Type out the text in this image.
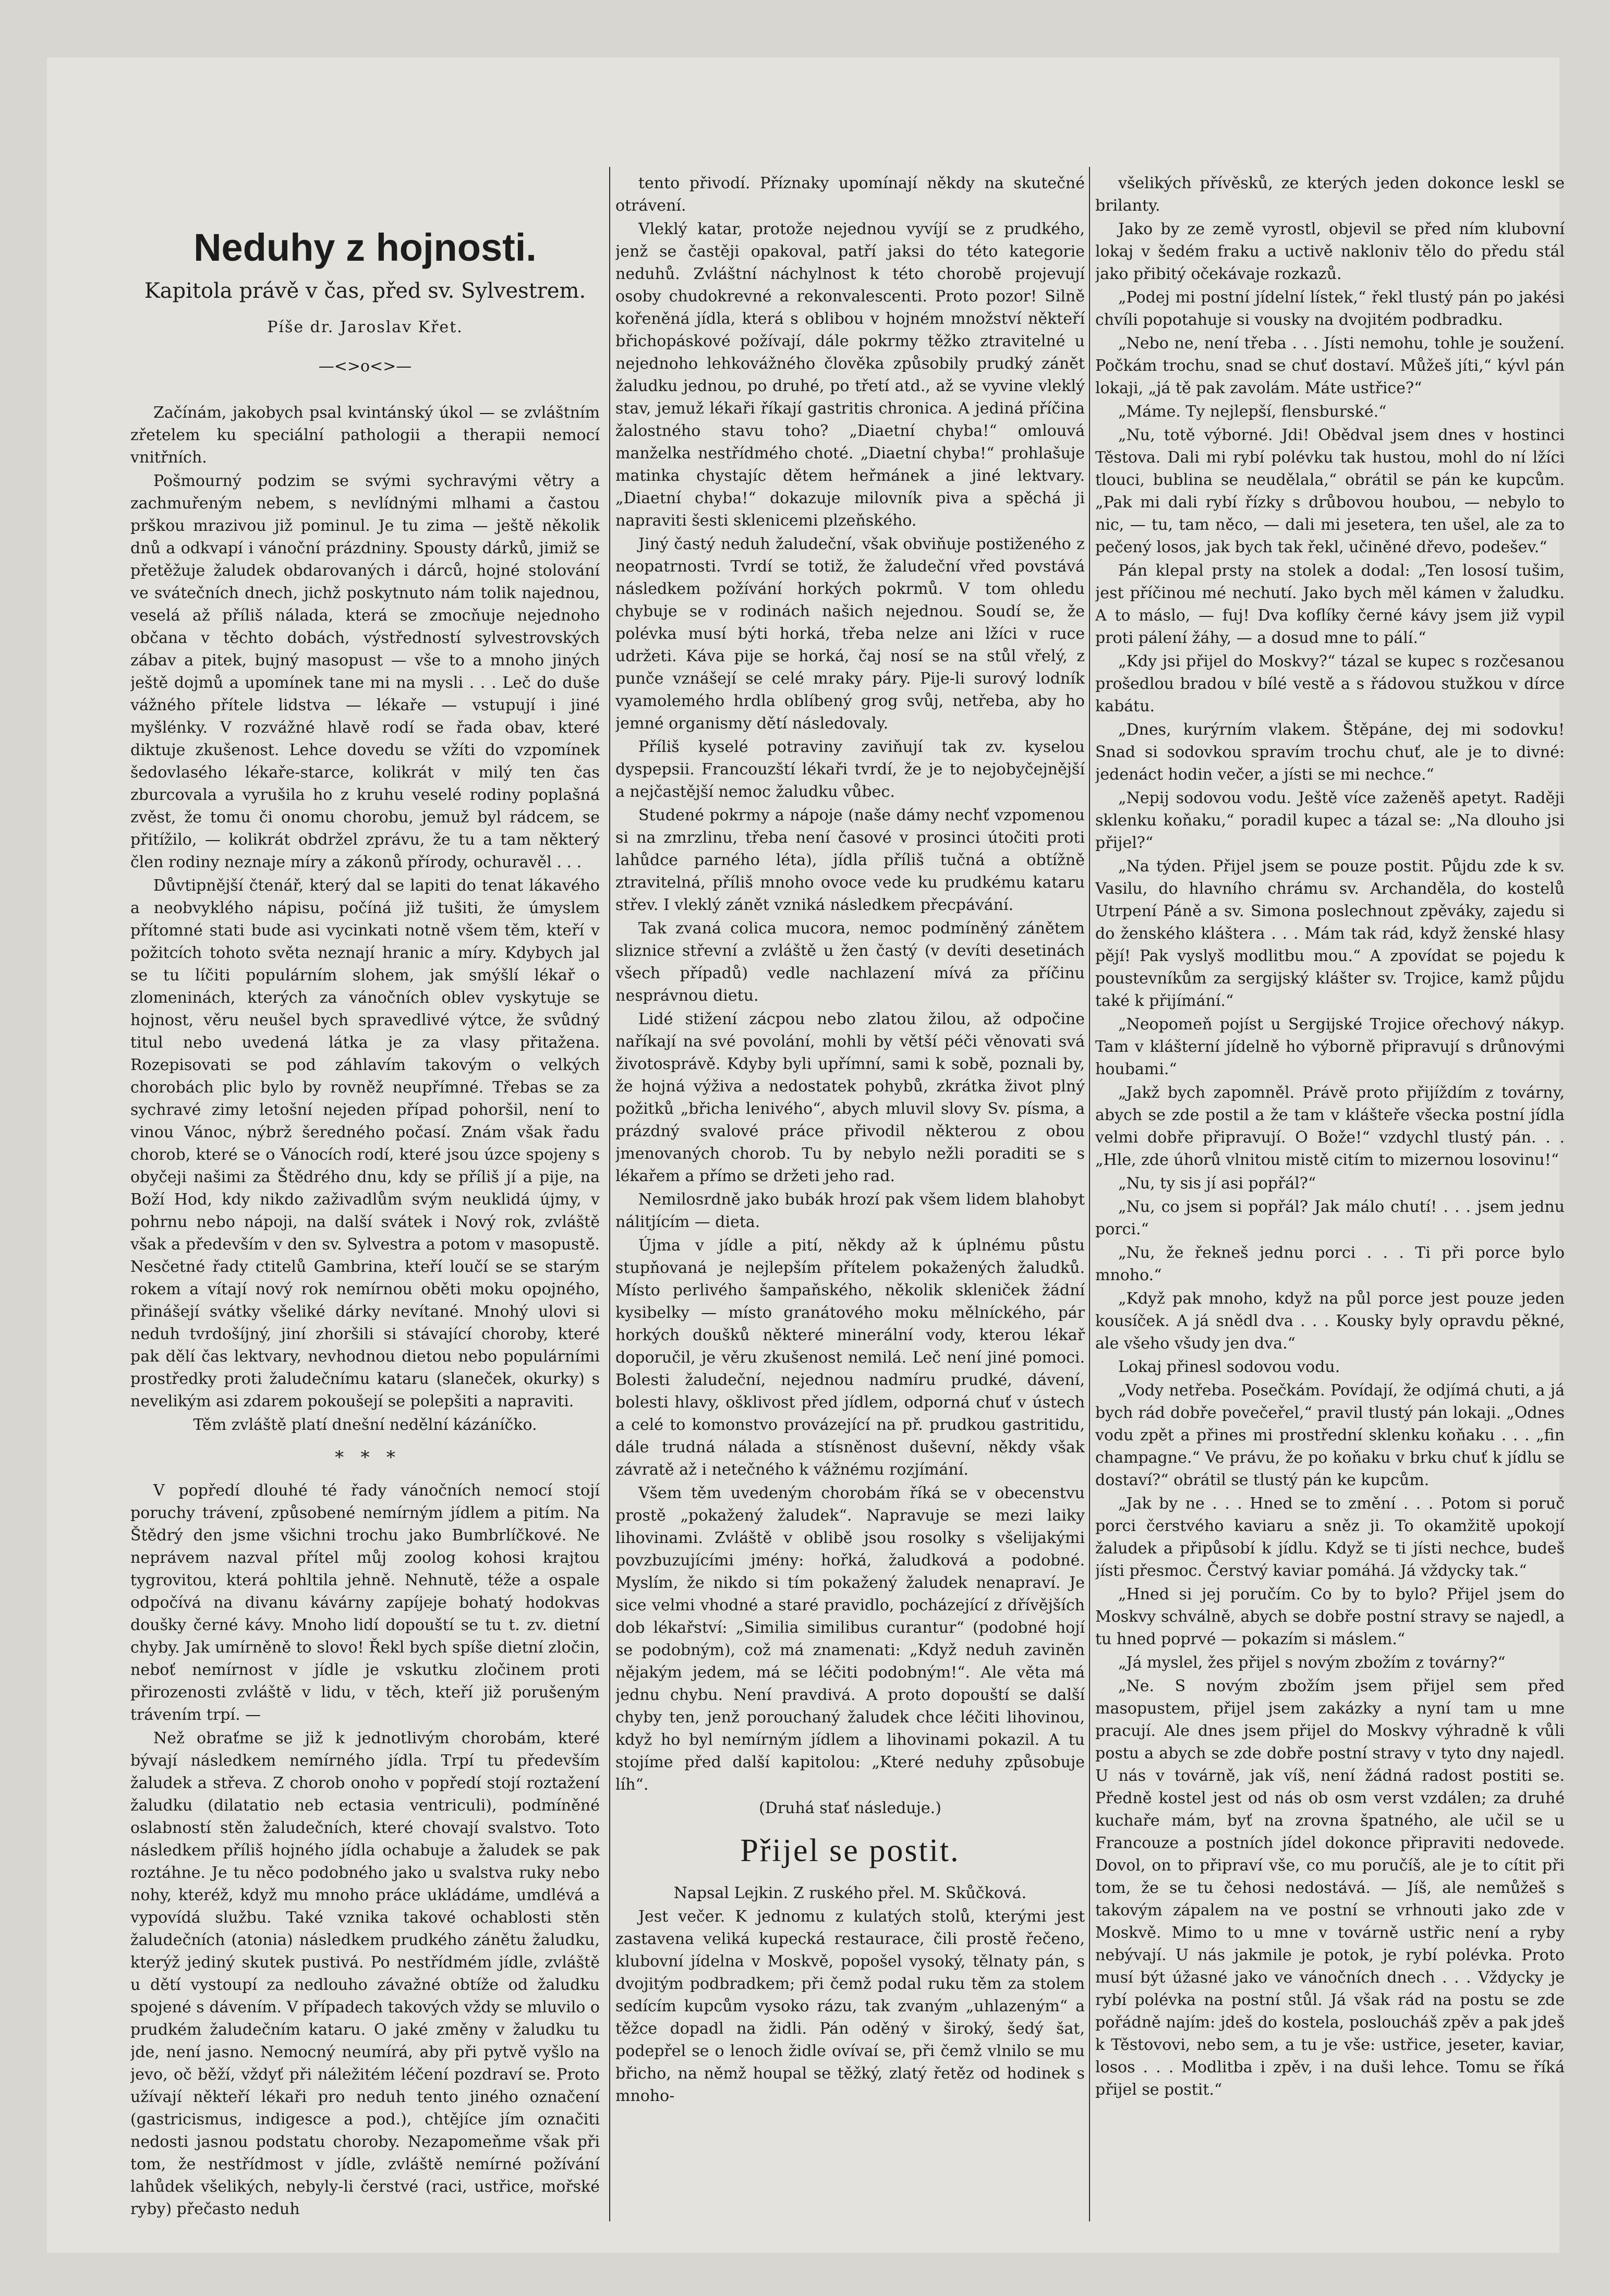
Neduhy z hojnosti.
Kapitola právě v čas, před sv. Sylvestrem.
Píše dr. Jaroslav Křet.
—<>o<>—

Začínám, jakobych psal kvintánský úkol — se zvláštním zřetelem ku speciální pathologii a therapii nemocí vnitřních.

Pošmourný podzim se svými sychravými větry a zachmuřeným nebem, s nevlídnými mlhami a častou prškou mrazivou již pominul. Je tu zima — ještě několik dnů a odkvapí i vánoční prázdniny. Spousty dárků, jimiž se přetěžuje žaludek obdarovaných i dárců, hojné stolování ve svátečních dnech, jichž poskytnuto nám tolik najednou, veselá až příliš nálada, která se zmocňuje nejednoho občana v těchto dobách, výstředností sylvestrovských zábav a pitek, bujný masopust — vše to a mnoho jiných ještě dojmů a upomínek tane mi na mysli . . . Leč do duše vážného přítele lidstva — lékaře — vstupují i jiné myšlénky. V rozvážné hlavě rodí se řada obav, které diktuje zkušenost. Lehce dovedu se vžíti do vzpomínek šedovlasého lékaře-starce, kolikrát v milý ten čas zburcovala a vyrušila ho z kruhu veselé rodiny poplašná zvěst, že tomu či onomu chorobu, jemuž byl rádcem, se přitížilo, — kolikrát obdržel zprávu, že tu a tam některý člen rodiny neznaje míry a zákonů přírody, ochuravěl . . .

Důvtipnější čtenář, který dal se lapiti do tenat lákavého a neobvyklého nápisu, počíná již tušiti, že úmyslem přítomné stati bude asi vycinkati notně všem těm, kteří v požitcích tohoto světa neznají hranic a míry. Kdybych jal se tu líčiti populárním slohem, jak smýšlí lékař o zlomeninách, kterých za vánočních oblev vyskytuje se hojnost, věru neušel bych spravedlivé výtce, že svůdný titul nebo uvedená látka je za vlasy přitažena. Rozepisovati se pod záhlavím takovým o velkých chorobách plic bylo by rovněž neupřímné. Třebas se za sychravé zimy letošní nejeden případ pohoršil, není to vinou Vánoc, nýbrž šeredného počasí. Znám však řadu chorob, které se o Vánocích rodí, které jsou úzce spojeny s obyčeji našimi za Štědrého dnu, kdy se příliš jí a pije, na Boží Hod, kdy nikdo zaživadlům svým neuklidá újmy, v pohrnu nebo nápoji, na další svátek i Nový rok, zvláště však a především v den sv. Sylvestra a potom v masopustě. Nesčetné řady ctitelů Gambrina, kteří loučí se se starým rokem a vítají nový rok nemírnou oběti moku opojného, přinášejí svátky všeliké dárky nevítané. Mnohý ulovi si neduh tvrdošíjný, jiní zhoršili si stávající choroby, které pak dělí čas lektvary, nevhodnou dietou nebo populárními prostředky proti žaludečnímu kataru (slaneček, okurky) s nevelikým asi zdarem pokoušejí se polepšiti a napraviti.

Těm zvláště platí dnešní nedělní kázáníčko.

*   *   *

V popředí dlouhé té řady vánočních nemocí stojí poruchy trávení, způsobené nemírným jídlem a pitím. Na Štědrý den jsme všichni trochu jako Bumbrlíčkové. Ne neprávem nazval přítel můj zoolog kohosi krajtou tygrovitou, která pohltila jehně. Nehnutě, téže a ospale odpočívá na divanu kávárny zapíjeje bohatý hodokvas doušky černé kávy. Mnoho lidí dopouští se tu t. zv. dietní chyby. Jak umírněně to slovo! Řekl bych spíše dietní zločin, neboť nemírnost v jídle je vskutku zločinem proti přirozenosti zvláště v lidu, v těch, kteří již porušeným trávením trpí. —

Než obraťme se již k jednotlivým chorobám, které bývají následkem nemírného jídla. Trpí tu především žaludek a střeva. Z chorob onoho v popředí stojí roztažení žaludku (dilatatio neb ectasia ventriculi), podmíněné oslabností stěn žaludečních, které chovají svalstvo. Toto následkem příliš hojného jídla ochabuje a žaludek se pak roztáhne. Je tu něco podobného jako u svalstva ruky nebo nohy, kteréž, když mu mnoho práce ukládáme, umdlévá a vypovídá službu. Také vznika takové ochablosti stěn žaludečních (atonia) následkem prudkého zánětu žaludku, kterýž jediný skutek pustivá. Po nestřídmém jídle, zvláště u dětí vystoupí za nedlouho závažné obtíže od žaludku spojené s dávením. V případech takových vždy se mluvilo o prudkém žaludečním kataru. O jaké změny v žaludku tu jde, není jasno. Nemocný neumírá, aby při pytvě vyšlo na jevo, oč běží, vždyť při náležitém léčení pozdraví se. Proto užívají někteří lékaři pro neduh tento jiného označení (gastricismus, indigesce a pod.), chtějíce jím označiti nedosti jasnou podstatu choroby. Nezapomeňme však při tom, že nestřídmost v jídle, zvláště nemírné požívání lahůdek všelikých, nebyly-li čerstvé (raci, ustřice, mořské ryby) přečasto neduh

tento přivodí. Příznaky upomínají někdy na skutečné otrávení.

Vleklý katar, protože nejednou vyvíjí se z prudkého, jenž se častěji opakoval, patří jaksi do této kategorie neduhů. Zvláštní náchylnost k této chorobě projevují osoby chudokrevné a rekonvalescenti. Proto pozor! Silně kořeněná jídla, která s oblibou v hojném množství někteří břichopáskové požívají, dále pokrmy těžko ztravitelné u nejednoho lehkovážného člověka způsobily prudký zánět žaludku jednou, po druhé, po třetí atd., až se vyvine vleklý stav, jemuž lékaři říkají gastritis chronica. A jediná příčina žalostného stavu toho? „Diaetní chyba!“ omlouvá manželka nestřídmého choté. „Diaetní chyba!“ prohlašuje matinka chystajíc dětem heřmánek a jiné lektvary. „Diaetní chyba!“ dokazuje milovník piva a spěchá ji napraviti šesti sklenicemi plzeňského.

Jiný častý neduh žaludeční, však obviňuje postiženého z neopatrnosti. Tvrdí se totiž, že žaludeční vřed povstává následkem požívání horkých pokrmů. V tom ohledu chybuje se v rodinách našich nejednou. Soudí se, že polévka musí býti horká, třeba nelze ani lžíci v ruce udržeti. Káva pije se horká, čaj nosí se na stůl vřelý, z punče vznášejí se celé mraky páry. Pije-li surový lodník vyamolemého hrdla oblíbený grog svůj, netřeba, aby ho jemné organismy dětí následovaly.

Příliš kyselé potraviny zaviňují tak zv. kyselou dyspepsii. Francouzští lékaři tvrdí, že je to nejobyčejnější a nejčastější nemoc žaludku vůbec.

Studené pokrmy a nápoje (naše dámy nechť vzpomenou si na zmrzlinu, třeba není časové v prosinci útočiti proti lahůdce parného léta), jídla příliš tučná a obtížně ztravitelná, příliš mnoho ovoce vede ku prudkému kataru střev. I vleklý zánět vzniká následkem přecpávání.

Tak zvaná colica mucora, nemoc podmíněný zánětem sliznice střevní a zvláště u žen častý (v devíti desetinách všech případů) vedle nachlazení mívá za příčinu nesprávnou dietu.

Lidé stižení zácpou nebo zlatou žilou, až odpočine naříkají na své povolání, mohli by větší péči věnovati svá životosprávě. Kdyby byli upřímní, sami k sobě, poznali by, že hojná výživa a nedostatek pohybů, zkrátka život plný požitků „břicha lenivého“, abych mluvil slovy Sv. písma, a prázdný svalové práce přivodil některou z obou jmenovaných chorob. Tu by nebylo nežli poraditi se s lékařem a přímo se držeti jeho rad.

Nemilosrdně jako bubák hrozí pak všem lidem blahobyt nálitjícím — dieta.

Újma v jídle a pití, někdy až k úplnému půstu stupňovaná je nejlepším přítelem pokažených žaludků. Místo perlivého šampaňského, několik skleniček žádní kysibelky — místo granátového moku mělníckého, pár horkých doušků některé minerální vody, kterou lékař doporučil, je věru zkušenost nemilá. Leč není jiné pomoci. Bolesti žaludeční, nejednou nadmíru prudké, dávení, bolesti hlavy, ošklivost před jídlem, odporná chuť v ústech a celé to komonstvo provázející na př. prudkou gastritidu, dále trudná nálada a stísněnost duševní, někdy však závratě až i netečného k vážnému rozjímání.

Všem těm uvedeným chorobám říká se v obecenstvu prostě „pokažený žaludek“. Napravuje se mezi laiky lihovinami. Zvláště v oblibě jsou rosolky s všelijakými povzbuzujícími jmény: hořká, žaludková a podobné. Myslím, že nikdo si tím pokažený žaludek nenapraví. Je sice velmi vhodné a staré pravidlo, pocházející z dřívějších dob lékařství: „Similia similibus curantur“ (podobné hojí se podobným), což má znamenati: „Když neduh zaviněn nějakým jedem, má se léčiti podobným!“. Ale věta má jednu chybu. Není pravdivá. A proto dopouští se další chyby ten, jenž porouchaný žaludek chce léčiti lihovinou, když ho byl nemírným jídlem a lihovinami pokazil. A tu stojíme před další kapitolou: „Které neduhy způsobuje líh“.

(Druhá stať následuje.)

Přijel se postit.

Napsal Lejkin. Z ruského přel. M. Skůčková.

Jest večer. K jednomu z kulatých stolů, kterými jest zastavena veliká kupecká restaurace, čili prostě řečeno, klubovní jídelna v Moskvě, popošel vysoký, tělnaty pán, s dvojitým podbradkem; při čemž podal ruku těm za stolem sedícím kupcům vysoko rázu, tak zvaným „uhlazeným“ a těžce dopadl na židli. Pán oděný v široký, šedý šat, podepřel se o lenoch židle ovívaí se, při čemž vlnilo se mu břicho, na němž houpal se těžký, zlatý řetěz od hodinek s mnoho-

všelikých přívěsků, ze kterých jeden dokonce leskl se brilanty.

Jako by ze země vyrostl, objevil se před ním klubovní lokaj v šedém fraku a uctivě nakloniv tělo do předu stál jako přibitý očekávaje rozkazů.

„Podej mi postní jídelní lístek,“ řekl tlustý pán po jakési chvíli popotahuje si vousky na dvojitém podbradku.

„Nebo ne, není třeba . . . Jísti nemohu, tohle je soužení. Počkám trochu, snad se chuť dostaví. Můžeš jíti,“ kývl pán lokaji, „já tě pak zavolám. Máte ustřice?“

„Máme. Ty nejlepší, flensburské.“

„Nu, totě výborné. Jdi! Obědval jsem dnes v hostinci Těstova. Dali mi rybí polévku tak hustou, mohl do ní lžíci tlouci, bublina se neudělala,“ obrátil se pán ke kupcům. „Pak mi dali rybí řízky s drůbovou houbou, — nebylo to nic, — tu, tam něco, — dali mi jesetera, ten ušel, ale za to pečený losos, jak bych tak řekl, učiněné dřevo, podešev.“

Pán klepal prsty na stolek a dodal: „Ten lososí tušim, jest příčinou mé nechutí. Jako bych měl kámen v žaludku. A to máslo, — fuj! Dva koflíky černé kávy jsem již vypil proti pálení žáhy, — a dosud mne to pálí.“

„Kdy jsi přijel do Moskvy?“ tázal se kupec s rozčesanou prošedlou bradou v bílé vestě a s řádovou stužkou v dírce kabátu.

„Dnes, kurýrním vlakem. Štěpáne, dej mi sodovku! Snad si sodovkou spravím trochu chuť, ale je to divné: jedenáct hodin večer, a jísti se mi nechce.“

„Nepij sodovou vodu. Ještě více zaženěš apetyt. Raději sklenku koňaku,“ poradil kupec a tázal se: „Na dlouho jsi přijel?“

„Na týden. Přijel jsem se pouze postit. Půjdu zde k sv. Vasilu, do hlavního chrámu sv. Archanděla, do kostelů Utrpení Páně a sv. Simona poslechnout zpěváky, zajedu si do ženského kláštera . . . Mám tak rád, když ženské hlasy pějí! Pak vyslyš modlitbu mou.“ A zpovídat se pojedu k poustevníkům za sergijský klášter sv. Trojice, kamž půjdu také k přijímání.“

„Neopomeň pojíst u Sergijské Trojice ořechový nákyp. Tam v klášterní jídelně ho výborně připravují s drůnovými houbami.“

„Jakž bych zapomněl. Právě proto přijíždím z továrny, abych se zde postil a že tam v klášteře všecka postní jídla velmi dobře připravují. O Bože!“ vzdychl tlustý pán. . . „Hle, zde úhorů vlnitou mistě citím to mizernou losovinu!“

„Nu, ty sis jí asi popřál?“

„Nu, co jsem si popřál? Jak málo chutí! . . . jsem jednu porci.“

„Nu, že řekneš jednu porci . . . Ti při porce bylo mnoho.“

„Když pak mnoho, když na půl porce jest pouze jeden kousíček. A já snědl dva . . . Kousky byly opravdu pěkné, ale všeho všudy jen dva.“

Lokaj přinesl sodovou vodu.

„Vody netřeba. Posečkám. Povídají, že odjímá chuti, a já bych rád dobře povečeřel,“ pravil tlustý pán lokaji. „Odnes vodu zpět a přines mi prostřední sklenku koňaku . . . „fin champagne.“ Ve právu, že po koňaku v brku chuť k jídlu se dostaví?“ obrátil se tlustý pán ke kupcům.

„Jak by ne . . . Hned se to změní . . . Potom si poruč porci čerstvého kaviaru a sněz ji. To okamžitě upokojí žaludek a připůsobí k jídlu. Když se ti jísti nechce, budeš jísti přesmoc. Čerstvý kaviar pomáhá. Já vždycky tak.“

„Hned si jej poručím. Co by to bylo? Přijel jsem do Moskvy schválně, abych se dobře postní stravy se najedl, a tu hned poprvé — pokazím si máslem.“

„Já myslel, žes přijel s novým zbožím z továrny?“

„Ne. S novým zbožím jsem přijel sem před masopustem, přijel jsem zakázky a nyní tam u mne pracují. Ale dnes jsem přijel do Moskvy výhradně k vůli postu a abych se zde dobře postní stravy v tyto dny najedl. U nás v továrně, jak víš, není žádná radost postiti se. Předně kostel jest od nás ob osm verst vzdálen; za druhé kuchaře mám, byť na zrovna špatného, ale učil se u Francouze a postních jídel dokonce připraviti nedovede. Dovol, on to připraví vše, co mu poručíš, ale je to cítit při tom, že se tu čehosi nedostává. — Jíš, ale nemůžeš s takovým zápalem na ve postní se vrhnouti jako zde v Moskvě. Mimo to u mne v továrně ustřic není a ryby nebývají. U nás jakmile je potok, je rybí polévka. Proto musí být úžasné jako ve vánočních dnech . . . Vždycky je rybí polévka na postní stůl. Já však rád na postu se zde pořádně najím: jdeš do kostela, posloucháš zpěv a pak jdeš k Těstovovi, nebo sem, a tu je vše: ustřice, jeseter, kaviar, losos . . . Modlitba i zpěv, i na duši lehce. Tomu se říká přijel se postit.“
